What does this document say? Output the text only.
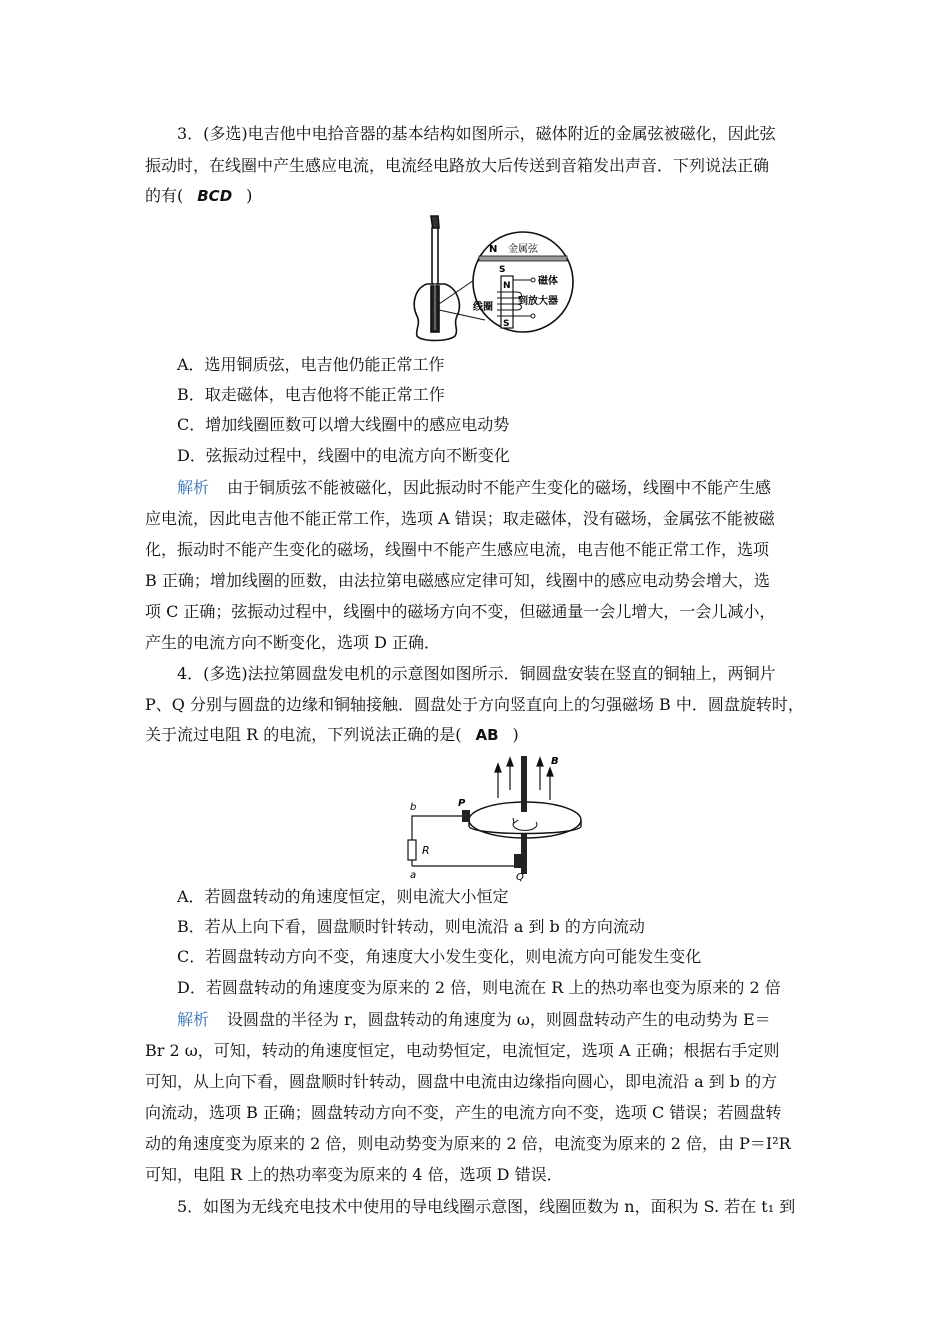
3．(多选)电吉他中电拾音器的基本结构如图所示，磁体附近的金属弦被磁化，因此弦
振动时，在线圈中产生感应电流，电流经电路放大后传送到音箱发出声音．下列说法正确
的有( BCD )
N 金属弦
S
N
S
磁体
到放大器
线圈
A．选用铜质弦，电吉他仍能正常工作
B．取走磁体，电吉他将不能正常工作
C．增加线圈匝数可以增大线圈中的感应电动势
D．弦振动过程中，线圈中的电流方向不断变化
解析 由于铜质弦不能被磁化，因此振动时不能产生变化的磁场，线圈中不能产生感
应电流，因此电吉他不能正常工作，选项 A 错误；取走磁体，没有磁场，金属弦不能被磁
化，振动时不能产生变化的磁场，线圈中不能产生感应电流，电吉他不能正常工作，选项
B 正确；增加线圈的匝数，由法拉第电磁感应定律可知，线圈中的感应电动势会增大，选
项 C 正确；弦振动过程中，线圈中的磁场方向不变，但磁通量一会儿增大，一会儿减小，
产生的电流方向不断变化，选项 D 正确．
4．(多选)法拉第圆盘发电机的示意图如图所示．铜圆盘安装在竖直的铜轴上，两铜片
P、Q 分别与圆盘的边缘和铜轴接触．圆盘处于方向竖直向上的匀强磁场 B 中．圆盘旋转时，
关于流过电阻 R 的电流，下列说法正确的是( AB )
B
P
Q
R
b
a
A．若圆盘转动的角速度恒定，则电流大小恒定
B．若从上向下看，圆盘顺时针转动，则电流沿 a 到 b 的方向流动
C．若圆盘转动方向不变，角速度大小发生变化，则电流方向可能发生变化
D．若圆盘转动的角速度变为原来的 2 倍，则电流在 R 上的热功率也变为原来的 2 倍
解析 设圆盘的半径为 r，圆盘转动的角速度为 ω，则圆盘转动产生的电动势为 E＝
Br 2 ω，可知，转动的角速度恒定，电动势恒定，电流恒定，选项 A 正确；根据右手定则
可知，从上向下看，圆盘顺时针转动，圆盘中电流由边缘指向圆心，即电流沿 a 到 b 的方
向流动，选项 B 正确；圆盘转动方向不变，产生的电流方向不变，选项 C 错误；若圆盘转
动的角速度变为原来的 2 倍，则电动势变为原来的 2 倍，电流变为原来的 2 倍，由 P＝I²R
可知，电阻 R 上的热功率变为原来的 4 倍，选项 D 错误．
5．如图为无线充电技术中使用的导电线圈示意图，线圈匝数为 n，面积为 S. 若在 t₁ 到
